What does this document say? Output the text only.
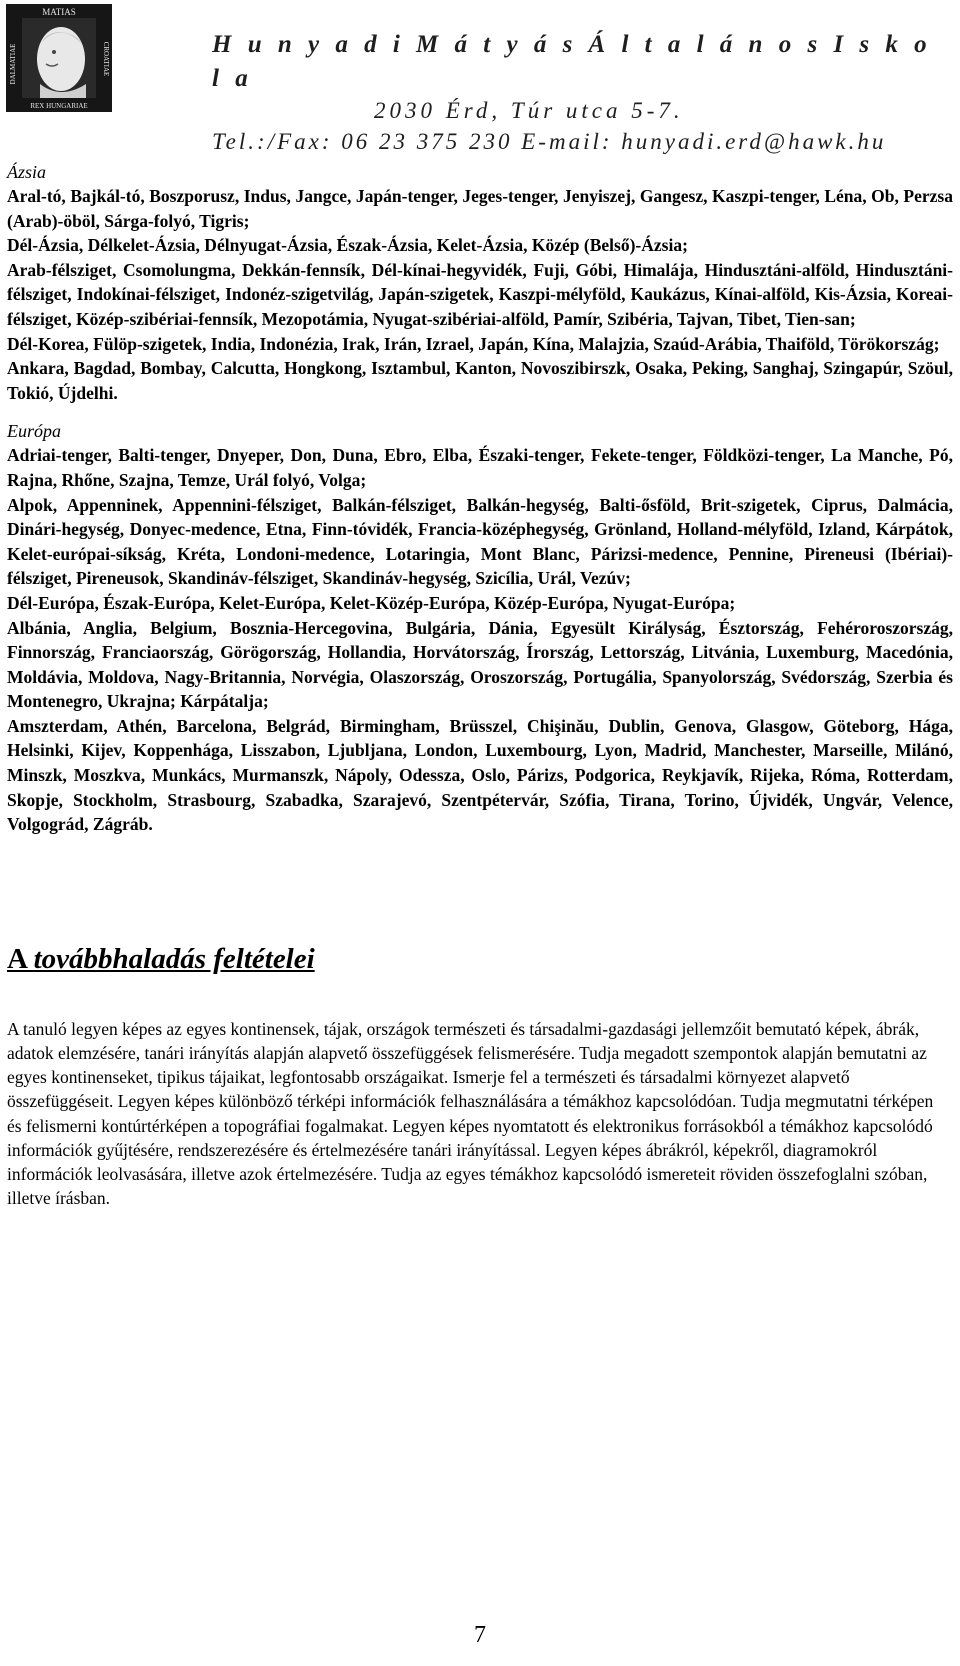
MATIAS
REX HUNGARIAE
DALMATIAE	CROATIAE	H u n y a d i M á t y á s Á l t a l á n o s I s k o l a
2030 Érd, Túr utca 5-7.
Tel.:/Fax: 06 23 375 230 E-mail: hunyadi.erd@hawk.hu

Ázsia

Aral-tó, Bajkál-tó, Boszporusz, Indus, Jangce, Japán-tenger, Jeges-tenger, Jenyiszej, Gangesz, Kaszpi-tenger, Léna, Ob, Perzsa (Arab)-öböl, Sárga-folyó, Tigris;

Dél-Ázsia, Délkelet-Ázsia, Délnyugat-Ázsia, Észak-Ázsia, Kelet-Ázsia, Közép (Belső)-Ázsia;

Arab-félsziget, Csomolungma, Dekkán-fennsík, Dél-kínai-hegyvidék, Fuji, Góbi, Himalája, Hindusztáni-alföld, Hindusztáni-félsziget, Indokínai-félsziget, Indonéz-szigetvilág, Japán-szigetek, Kaszpi-mélyföld, Kaukázus, Kínai-alföld, Kis-Ázsia, Koreai-félsziget, Közép-szibériai-fennsík, Mezopotámia, Nyugat-szibériai-alföld, Pamír, Szibéria, Tajvan, Tibet, Tien-san;

Dél-Korea, Fülöp-szigetek, India, Indonézia, Irak, Irán, Izrael, Japán, Kína, Malajzia, Szaúd-Arábia, Thaiföld, Törökország;

Ankara, Bagdad, Bombay, Calcutta, Hongkong, Isztambul, Kanton, Novoszibirszk, Osaka, Peking, Sanghaj, Szingapúr, Szöul, Tokió, Újdelhi.

Európa

Adriai-tenger, Balti-tenger, Dnyeper, Don, Duna, Ebro, Elba, Északi-tenger, Fekete-tenger, Földközi-tenger, La Manche, Pó, Rajna, Rhőne, Szajna, Temze, Urál folyó, Volga;

Alpok, Appenninek, Appennini-félsziget, Balkán-félsziget, Balkán-hegység, Balti-ősföld, Brit-szigetek, Ciprus, Dalmácia, Dinári-hegység, Donyec-medence, Etna, Finn-tóvidék, Francia-középhegység, Grönland, Holland-mélyföld, Izland, Kárpátok, Kelet-európai-síkság, Kréta, Londoni-medence, Lotaringia, Mont Blanc, Párizsi-medence, Pennine, Pireneusi (Ibériai)-félsziget, Pireneusok, Skandináv-félsziget, Skandináv-hegység, Szicília, Urál, Vezúv;

Dél-Európa, Észak-Európa, Kelet-Európa, Kelet-Közép-Európa, Közép-Európa, Nyugat-Európa;

Albánia, Anglia, Belgium, Bosznia-Hercegovina, Bulgária, Dánia, Egyesült Királyság, Észtország, Fehéroroszország, Finnország, Franciaország, Görögország, Hollandia, Horvátország, Írország, Lettország, Litvánia, Luxemburg, Macedónia, Moldávia, Moldova, Nagy-Britannia, Norvégia, Olaszország, Oroszország, Portugália, Spanyolország, Svédország, Szerbia és Montenegro, Ukrajna; Kárpátalja;

Amszterdam, Athén, Barcelona, Belgrád, Birmingham, Brüsszel, Chişinău, Dublin, Genova, Glasgow, Göteborg, Hága, Helsinki, Kijev, Koppenhága, Lisszabon, Ljubljana, London, Luxembourg, Lyon, Madrid, Manchester, Marseille, Milánó, Minszk, Moszkva, Munkács, Murmanszk, Nápoly, Odessza, Oslo, Párizs, Podgorica, Reykjavík, Rijeka, Róma, Rotterdam, Skopje, Stockholm, Strasbourg, Szabadka, Szarajevó, Szentpétervár, Szófia, Tirana, Torino, Újvidék, Ungvár, Velence, Volgográd, Zágráb.

A továbbhaladás feltételei

A tanuló legyen képes az egyes kontinensek, tájak, országok természeti és társadalmi-gazdasági jellemzőit bemutató képek, ábrák, adatok elemzésére, tanári irányítás alapján alapvető összefüggések felismerésére. Tudja megadott szempontok alapján bemutatni az egyes kontinenseket, tipikus tájaikat, legfontosabb országaikat. Ismerje fel a természeti és társadalmi környezet alapvető összefüggéseit. Legyen képes különböző térképi információk felhasználására a témákhoz kapcsolódóan. Tudja megmutatni térképen és felismerni kontúrtérképen a topográfiai fogalmakat. Legyen képes nyomtatott és elektronikus forrásokból a témákhoz kapcsolódó információk gyűjtésére, rendszerezésére és értelmezésére tanári irányítással. Legyen képes ábrákról, képekről, diagramokról információk leolvasására, illetve azok értelmezésére. Tudja az egyes témákhoz kapcsolódó ismereteit röviden összefoglalni szóban, illetve írásban.

7
